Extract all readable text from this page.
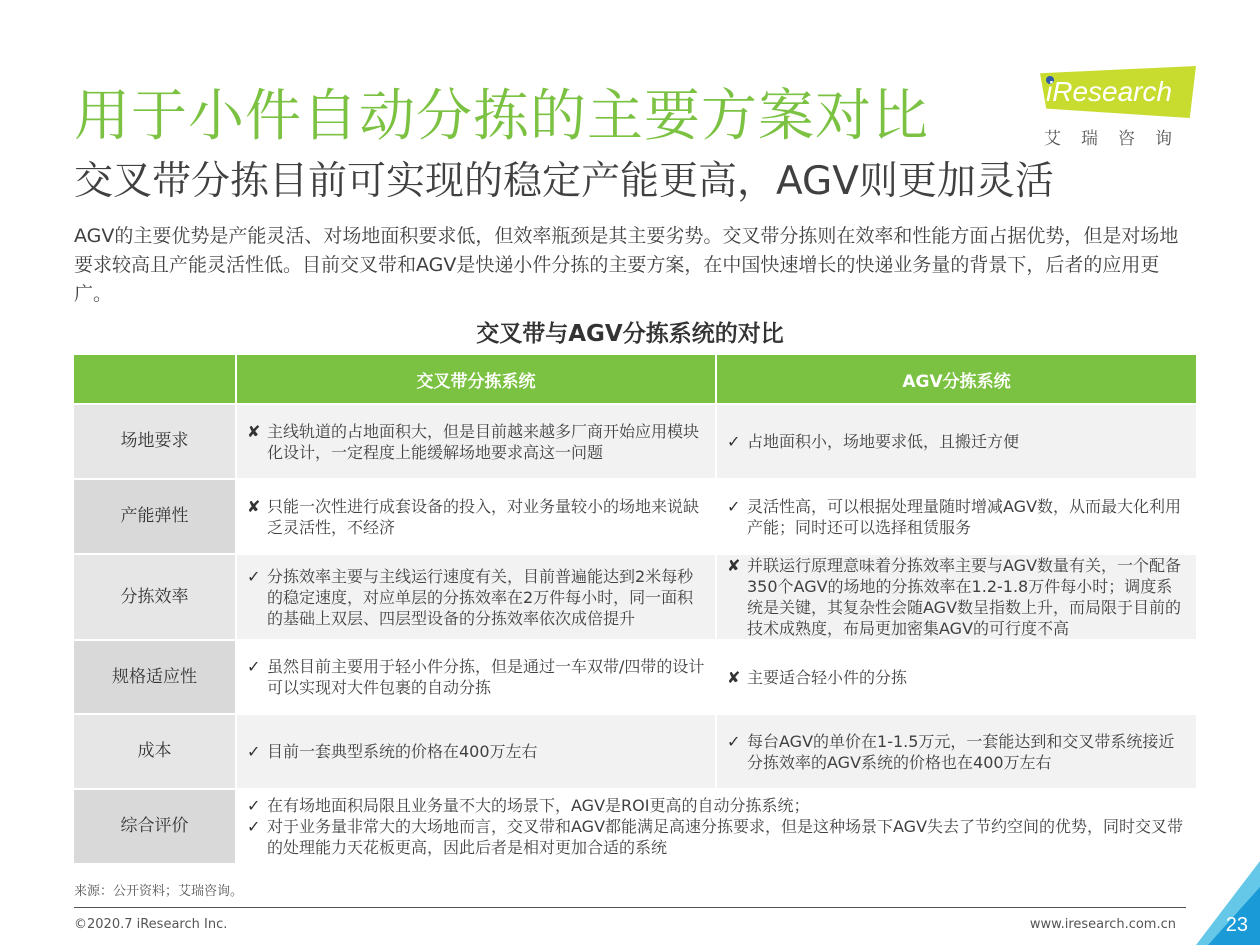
用于小件自动分拣的主要方案对比
交叉带分拣目前可实现的稳定产能更高，AGV则更加灵活
iResearch
艾瑞咨询

AGV的主要优势是产能灵活、对场地面积要求低，但效率瓶颈是其主要劣势。交叉带分拣则在效率和性能方面占据优势，但是对场地要求较高且产能灵活性低。目前交叉带和AGV是快递小件分拣的主要方案，在中国快速增长的快递业务量的背景下，后者的应用更广。

交叉带与AGV分拣系统的对比
	交叉带分拣系统	AGV分拣系统
场地要求	✘ 主线轨道的占地面积大，但是目前越来越多厂商开始应用模块化设计，一定程度上能缓解场地要求高这一问题	✓ 占地面积小，场地要求低，且搬迁方便

产能弹性	✘ 只能一次性进行成套设备的投入，对业务量较小的场地来说缺乏灵活性，不经济	✓ 灵活性高，可以根据处理量随时增减AGV数，从而最大化利用产能；同时还可以选择租赁服务

分拣效率	✓ 分拣效率主要与主线运行速度有关，目前普遍能达到2米每秒的稳定速度，对应单层的分拣效率在2万件每小时，同一面积的基础上双层、四层型设备的分拣效率依次成倍提升	✘ 并联运行原理意味着分拣效率主要与AGV数量有关，一个配备350个AGV的场地的分拣效率在1.2-1.8万件每小时；调度系统是关键，其复杂性会随AGV数呈指数上升，而局限于目前的技术成熟度，布局更加密集AGV的可行度不高

规格适应性	✓ 虽然目前主要用于轻小件分拣，但是通过一车双带/四带的设计可以实现对大件包裹的自动分拣	✘ 主要适合轻小件的分拣

成本	✓ 目前一套典型系统的价格在400万左右	✓ 每台AGV的单价在1-1.5万元，一套能达到和交叉带系统接近分拣效率的AGV系统的价格也在400万左右

综合评价	✓ 在有场地面积局限且业务量不大的场景下，AGV是ROI更高的自动分拣系统；
✓ 对于业务量非常大的大场地而言，交叉带和AGV都能满足高速分拣要求，但是这种场景下AGV失去了节约空间的优势，同时交叉带的处理能力天花板更高，因此后者是相对更加合适的系统	
来源：公开资料；艾瑞咨询。
©2020.7 iResearch Inc.	www.iresearch.com.cn 23
